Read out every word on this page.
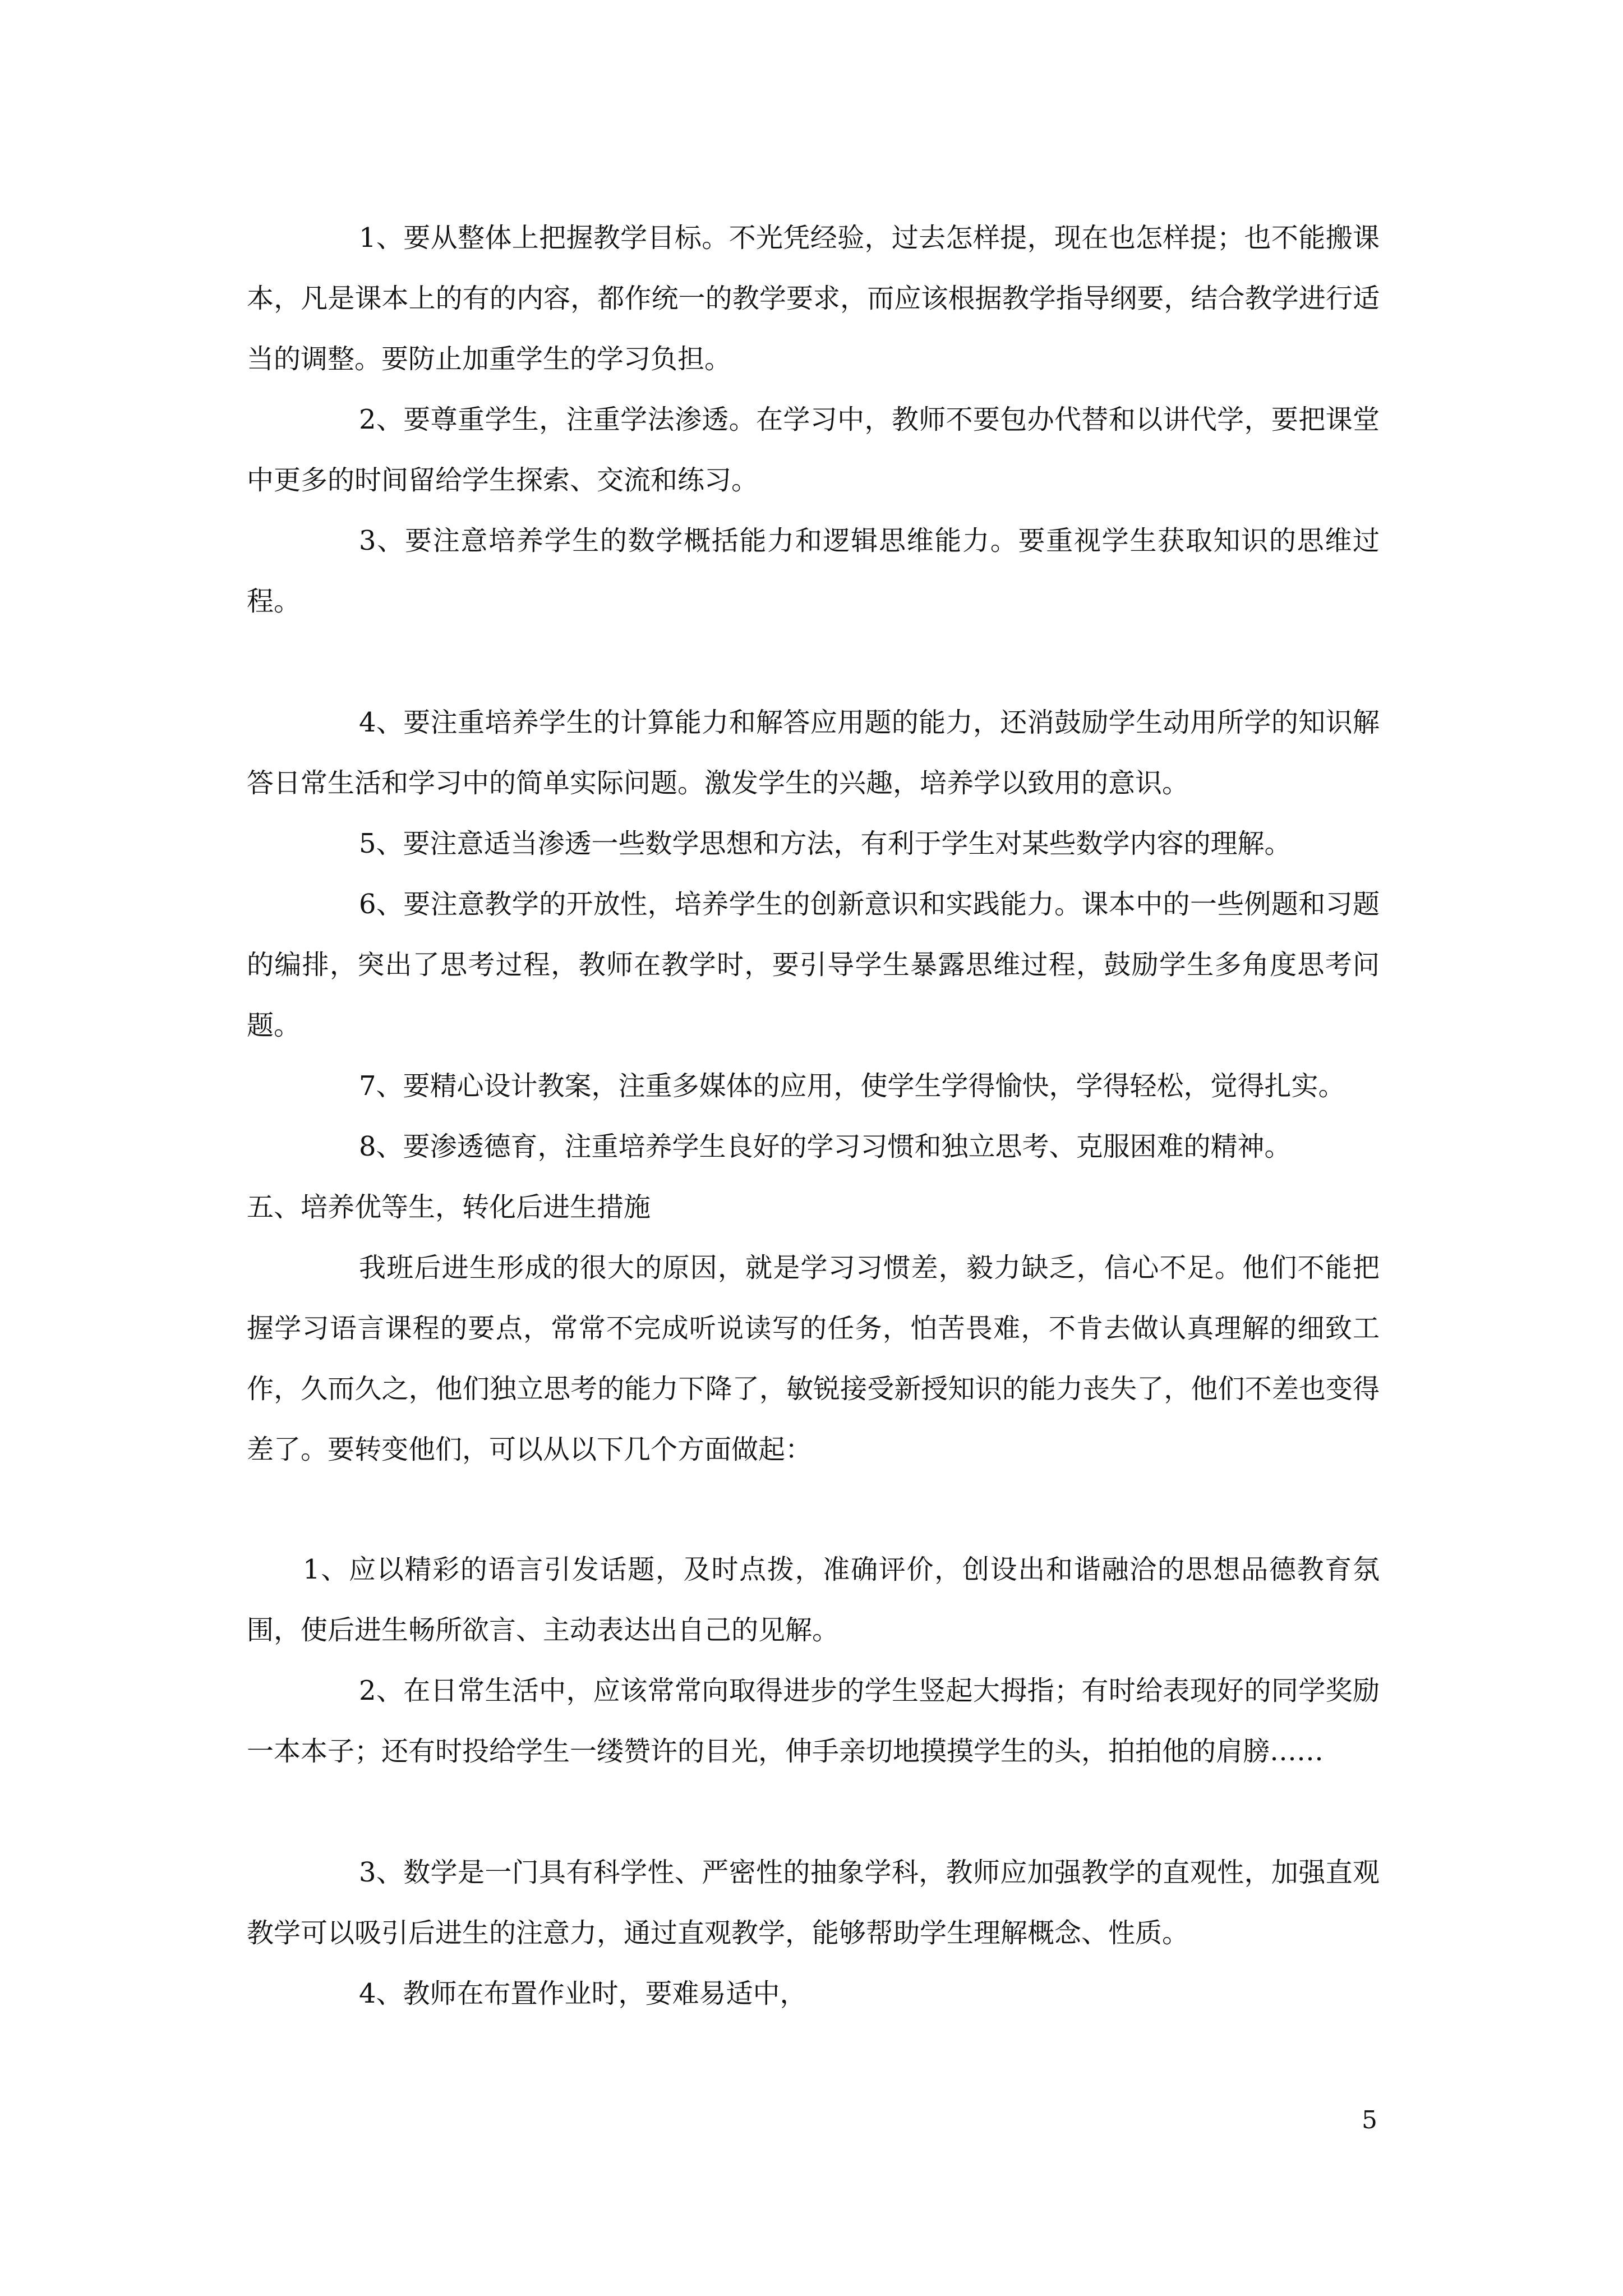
1、要从整体上把握教学目标。不光凭经验，过去怎样提，现在也怎样提；也不能搬课本，凡是课本上的有的内容，都作统一的教学要求，而应该根据教学指导纲要，结合教学进行适当的调整。要防止加重学生的学习负担。

2、要尊重学生，注重学法渗透。在学习中，教师不要包办代替和以讲代学，要把课堂中更多的时间留给学生探索、交流和练习。

3、要注意培养学生的数学概括能力和逻辑思维能力。要重视学生获取知识的思维过程。

4、要注重培养学生的计算能力和解答应用题的能力，还消鼓励学生动用所学的知识解答日常生活和学习中的简单实际问题。激发学生的兴趣，培养学以致用的意识。

5、要注意适当渗透一些数学思想和方法，有利于学生对某些数学内容的理解。

6、要注意教学的开放性，培养学生的创新意识和实践能力。课本中的一些例题和习题的编排，突出了思考过程，教师在教学时，要引导学生暴露思维过程，鼓励学生多角度思考问题。

7、要精心设计教案，注重多媒体的应用，使学生学得愉快，学得轻松，觉得扎实。

8、要渗透德育，注重培养学生良好的学习习惯和独立思考、克服困难的精神。

五、培养优等生，转化后进生措施

我班后进生形成的很大的原因，就是学习习惯差，毅力缺乏，信心不足。他们不能把握学习语言课程的要点，常常不完成听说读写的任务，怕苦畏难，不肯去做认真理解的细致工作，久而久之，他们独立思考的能力下降了，敏锐接受新授知识的能力丧失了，他们不差也变得差了。要转变他们，可以从以下几个方面做起：

1、应以精彩的语言引发话题，及时点拨，准确评价，创设出和谐融洽的思想品德教育氛围，使后进生畅所欲言、主动表达出自己的见解。

2、在日常生活中，应该常常向取得进步的学生竖起大拇指；有时给表现好的同学奖励一本本子；还有时投给学生一缕赞许的目光，伸手亲切地摸摸学生的头，拍拍他的肩膀……

3、数学是一门具有科学性、严密性的抽象学科，教师应加强教学的直观性，加强直观教学可以吸引后进生的注意力，通过直观教学，能够帮助学生理解概念、性质。

4、教师在布置作业时，要难易适中，

5
